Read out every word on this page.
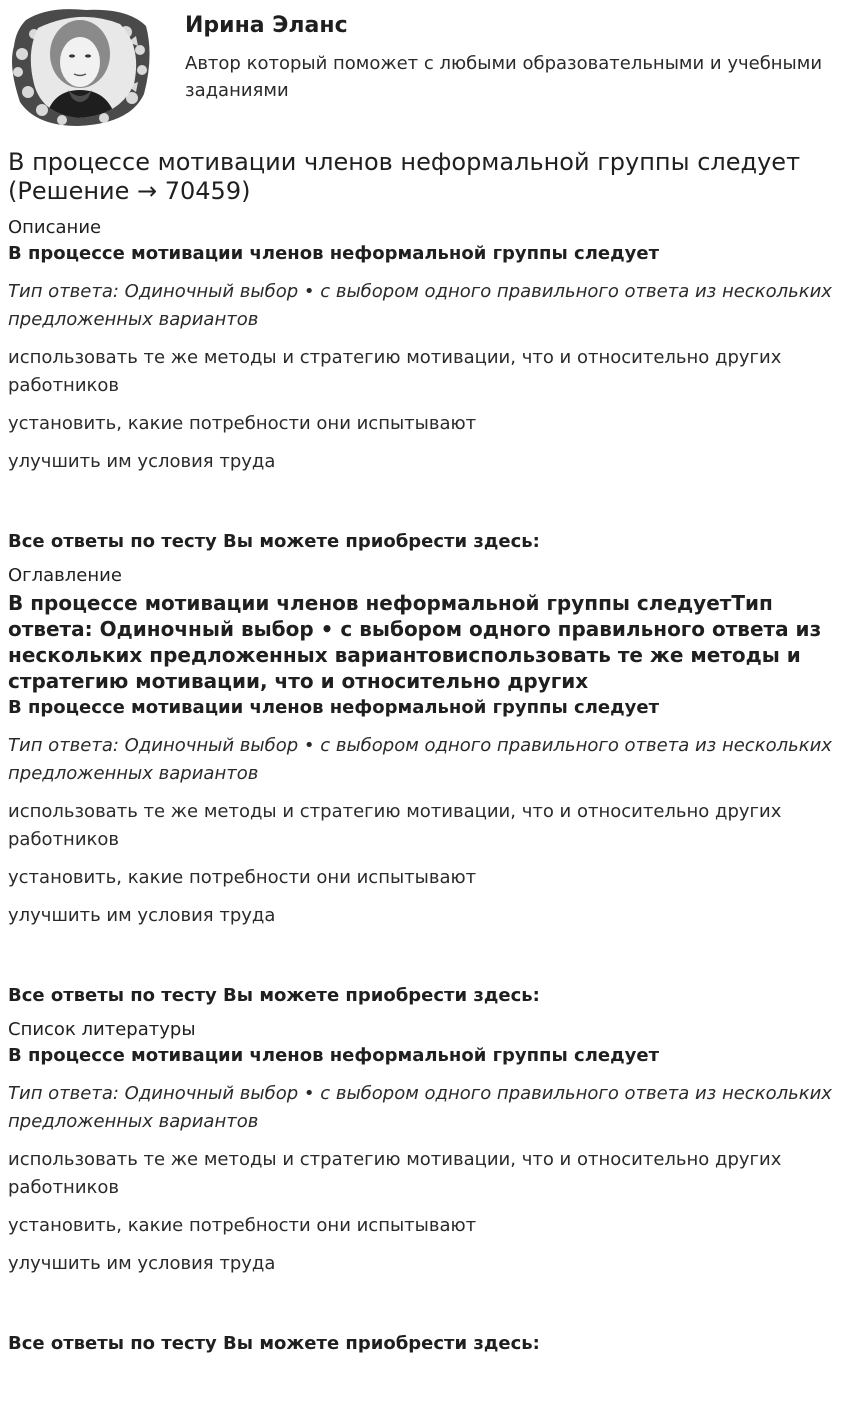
Ирина Эланс

Автор который поможет с любыми образовательными и учебными заданиями

В процессе мотивации членов неформальной группы следует (Решение → 70459)

Описание

В процессе мотивации членов неформальной группы следует

Тип ответа: Одиночный выбор • с выбором одного правильного ответа из нескольких предложенных вариантов

использовать те же методы и стратегию мотивации, что и относительно других работников

установить, какие потребности они испытывают

улучшить им условия труда

Все ответы по тесту Вы можете приобрести здесь:

Оглавление

В процессе мотивации членов неформальной группы следуетТип ответа: Одиночный выбор • с выбором одного правильного ответа из нескольких предложенных вариантовиспользовать те же методы и стратегию мотивации, что и относительно других

В процессе мотивации членов неформальной группы следует

Тип ответа: Одиночный выбор • с выбором одного правильного ответа из нескольких предложенных вариантов

использовать те же методы и стратегию мотивации, что и относительно других работников

установить, какие потребности они испытывают

улучшить им условия труда

Все ответы по тесту Вы можете приобрести здесь:

Список литературы

В процессе мотивации членов неформальной группы следует

Тип ответа: Одиночный выбор • с выбором одного правильного ответа из нескольких предложенных вариантов

использовать те же методы и стратегию мотивации, что и относительно других работников

установить, какие потребности они испытывают

улучшить им условия труда

Все ответы по тесту Вы можете приобрести здесь:
